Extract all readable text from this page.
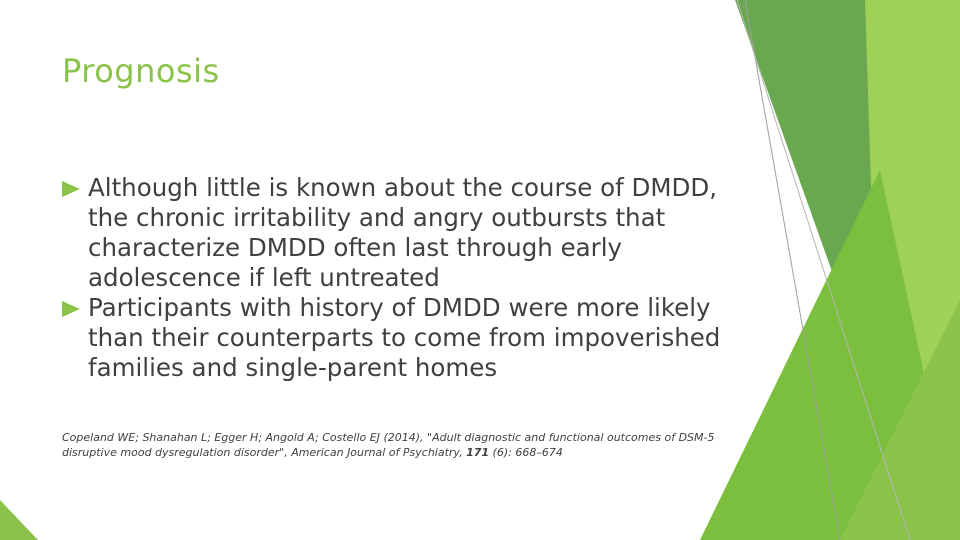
Prognosis
Although little is known about the course of DMDD, the chronic irritability and angry outbursts that characterize DMDD often last through early adolescence if left untreated
Participants with history of DMDD were more likely than their counterparts to come from impoverished families and single-parent homes
Copeland WE; Shanahan L; Egger H; Angold A; Costello EJ (2014), "Adult diagnostic and functional outcomes of DSM-5 disruptive mood dysregulation disorder", American Journal of Psychiatry, 171 (6): 668–674
